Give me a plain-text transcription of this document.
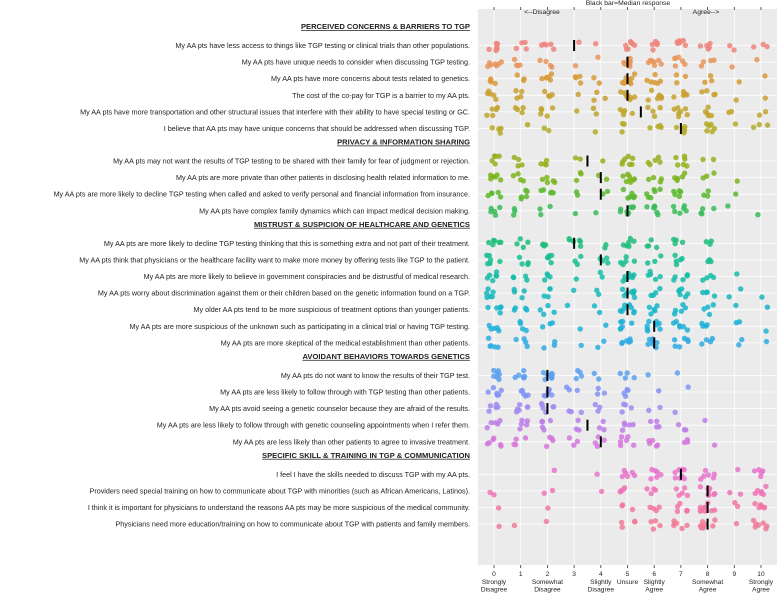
PERCEIVED CONCERNS & BARRIERS TO TGP
My AA pts have less access to things like TGP testing or clinical trials than other populations.
My AA pts have unique needs to consider when discussing TGP testing.
My AA pts have more concerns about tests related to genetics.
The cost of the co-pay for TGP is a barrier to my AA pts.
My AA pts have more transportation and other structural issues that interfere with their ability to have special testing or GC.
I believe that AA pts may have unique concerns that should be addressed when discussing TGP.
PRIVACY & INFORMATION SHARING
My AA pts may not want the results of TGP testing to be shared with their family for fear of judgment or rejection.
My AA pts are more private than other patients in disclosing health related information to me.
My AA pts are more likely to decline TGP testing when called and asked to verify personal and financial information from insurance.
My AA pts have complex family dynamics which can impact medical decision making.
MISTRUST & SUSPICION OF HEALTHCARE AND GENETICS
My AA pts are more likely to decline TGP testing thinking that this is something extra and not part of their treatment.
My AA pts think that physicians or the healthcare facility want to make more money by offering tests like TGP to the patient.
My AA pts are more likely to believe in government conspiracies and be distrustful of medical research.
My AA pts worry about discrimination against them or their children based on the genetic information found on a TGP.
My older AA pts tend to be more suspicious of treatment options than younger patients.
My AA pts are more suspicious of the unknown such as participating in a clinical trial or having TGP testing.
My AA pts are more skeptical of the medical establishment than other patients.
AVOIDANT BEHAVIORS TOWARDS GENETICS
My AA pts do not want to know the results of their TGP test.
My AA pts are less likely to follow through with TGP testing than other patients.
My AA pts avoid seeing a genetic counselor because they are afraid of the results.
My AA pts are less likely to follow through with genetic counseling appointments when I refer them.
My AA pts are less likely than other patients to agree to invasive treatment.
SPECIFIC SKILL & TRAINING IN TGP & COMMUNICATION
I feel I have the skills needed to discuss TGP with my AA pts.
Providers need special training on how to communicate about TGP with minorities (such as African Americans, Latinos).
I think it is important for physicians to understand the reasons AA pts may be more suspicious of the medical community.
Physicians need more education/training on how to communicate about TGP with patients and family members.
0
Strongly
Disagree
1	2
Somewhat
Disagree
3	4
Slightly
Disagree
5
Unsure
6
Slightly
Agree
7	8
Somewhat
Agree
9	10
Strongly
Agree
Black bar=Median response
<--Disagree	Agree-->
